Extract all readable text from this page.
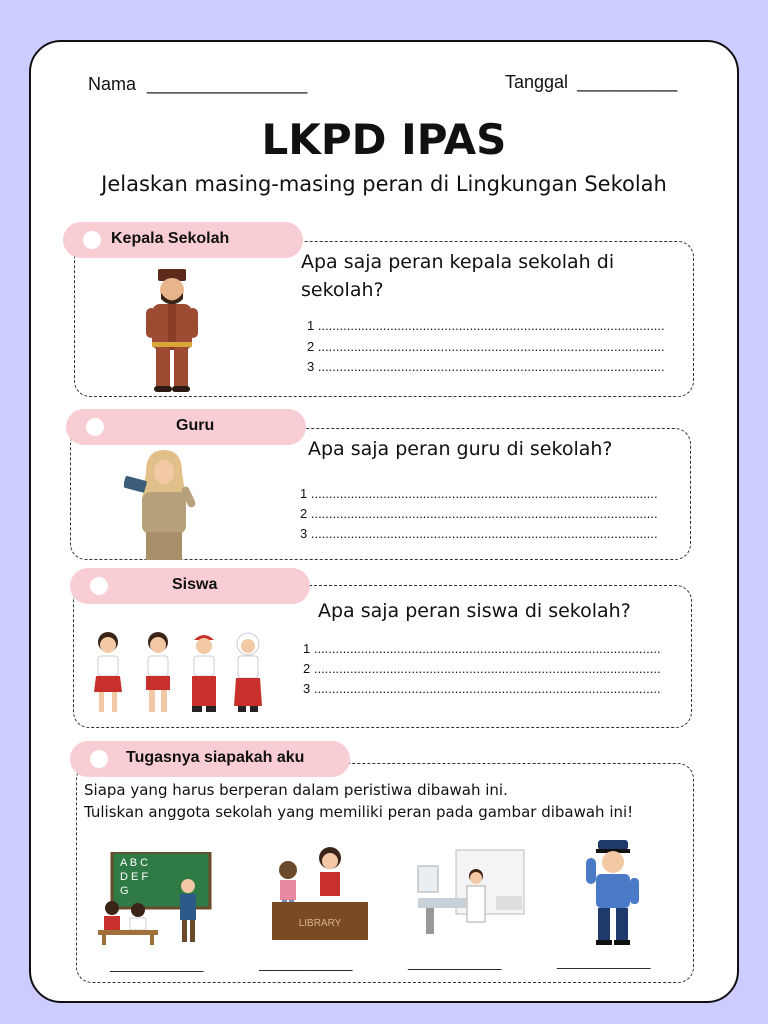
Nama ________________	Tanggal __________
LKPD IPAS
Jelaskan masing-masing peran di Lingkungan Sekolah
Kepala Sekolah
Apa saja peran kepala sekolah di sekolah?
1 ................................................................................................
2 ................................................................................................
3 ................................................................................................
Guru
Apa saja peran guru di sekolah?
1 ................................................................................................
2 ................................................................................................
3 ................................................................................................
Siswa
Apa saja peran siswa di sekolah?
1 ................................................................................................
2 ................................................................................................
3 ................................................................................................
Tugasnya siapakah aku
Siapa yang harus berperan dalam peristiwa dibawah ini.
Tuliskan anggota sekolah yang memiliki peran pada gambar dibawah ini!
A B C
D E F
G
LIBRARY
____________	____________	____________	____________
